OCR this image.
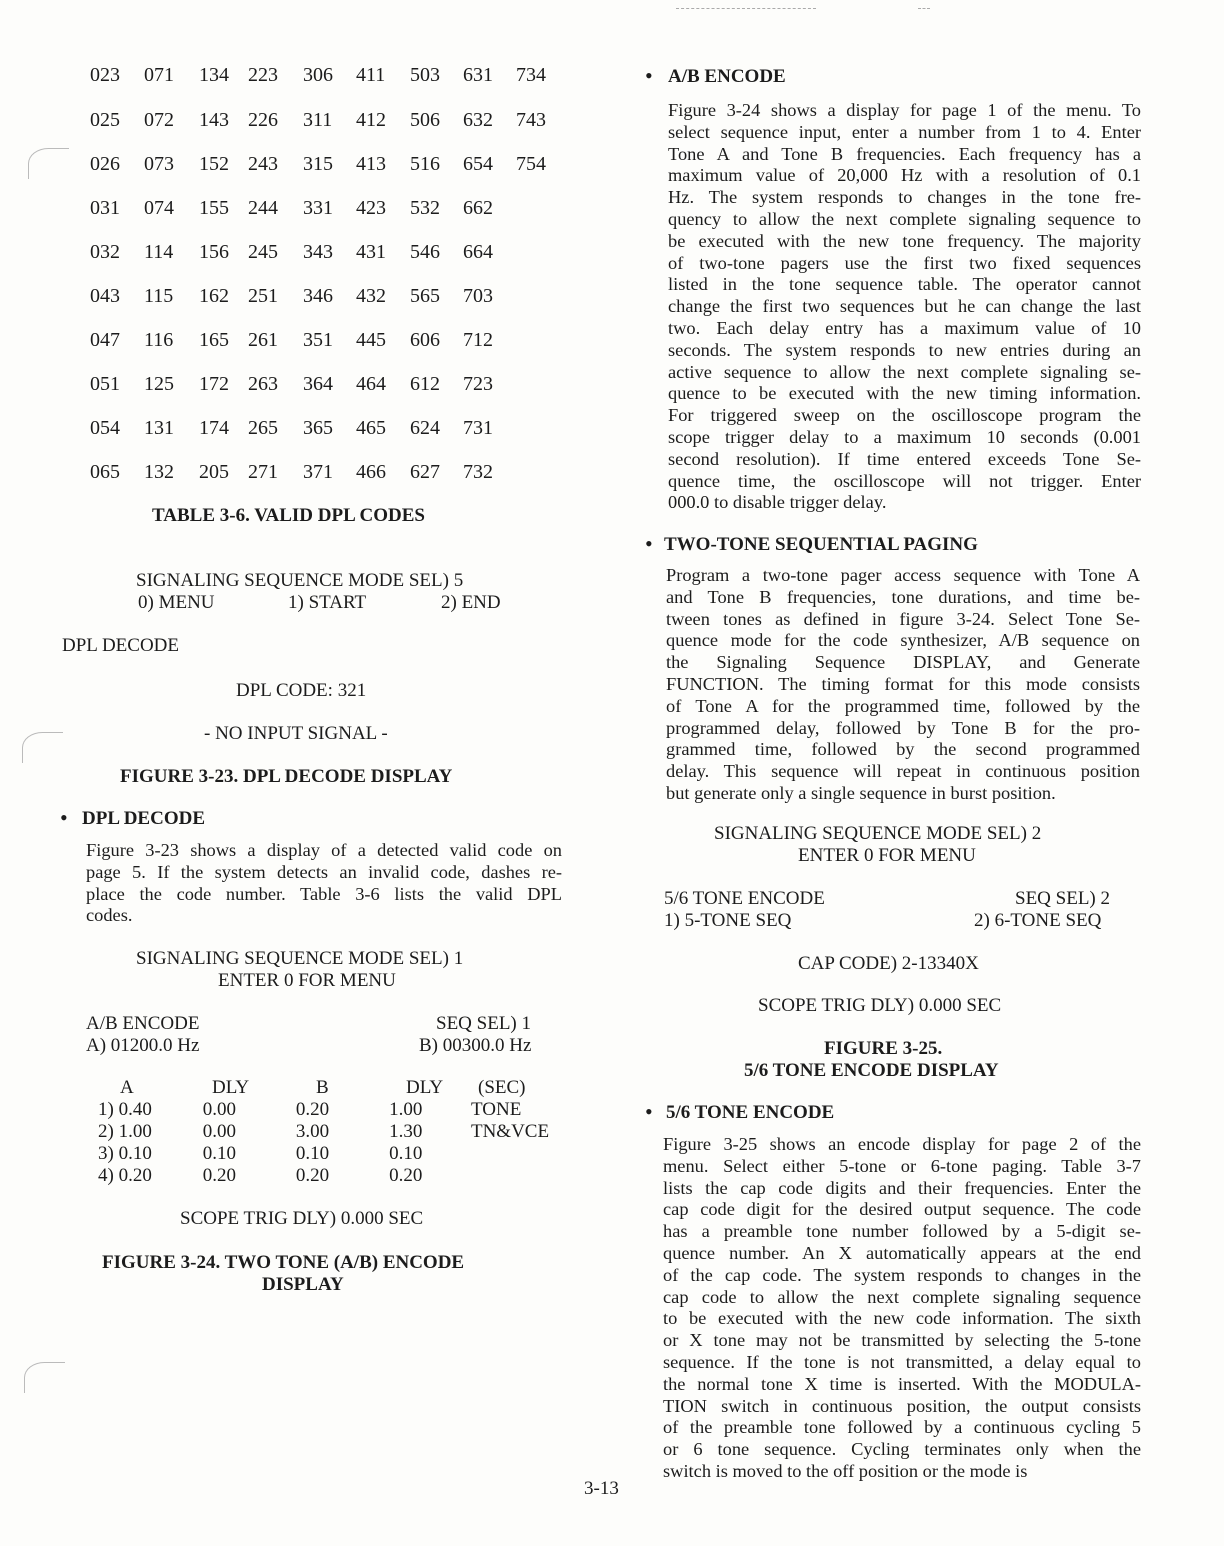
023 071 134 223 306 411 503 631 734
025 072 143 226 311 412 506 632 743
026 073 152 243 315 413 516 654 754
031 074 155 244 331 423 532 662
032 114 156 245 343 431 546 664
043 115 162 251 346 432 565 703
047 116 165 261 351 445 606 712
051 125 172 263 364 464 612 723
054 131 174 265 365 465 624 731
065 132 205 271 371 466 627 732
TABLE 3-6. VALID DPL CODES
SIGNALING SEQUENCE MODE SEL) 5
0) MENU	1) START	2) END
DPL DECODE
DPL CODE: 321
- NO INPUT SIGNAL -
FIGURE 3-23. DPL DECODE DISPLAY
• DPL DECODE
Figure 3-23 shows a display of a detected valid code on
page 5. If the system detects an invalid code, dashes re-
place the code number. Table 3-6 lists the valid DPL
codes.
SIGNALING SEQUENCE MODE SEL) 1
ENTER 0 FOR MENU
A/B ENCODE	SEQ SEL) 1
A) 01200.0 Hz	B) 00300.0 Hz
A	DLY	B	DLY	(SEC)
1) 0.40	0.00	0.20	1.00	TONE
2) 1.00	0.00	3.00	1.30	TN&VCE
3) 0.10	0.10	0.10	0.10
4) 0.20	0.20	0.20	0.20
SCOPE TRIG DLY) 0.000 SEC
FIGURE 3-24. TWO TONE (A/B) ENCODE
DISPLAY
• A/B ENCODE
Figure 3-24 shows a display for page 1 of the menu. To
select sequence input, enter a number from 1 to 4. Enter
Tone A and Tone B frequencies. Each frequency has a
maximum value of 20,000 Hz with a resolution of 0.1
Hz. The system responds to changes in the tone fre-
quency to allow the next complete signaling sequence to
be executed with the new tone frequency. The majority
of two-tone pagers use the first two fixed sequences
listed in the tone sequence table. The operator cannot
change the first two sequences but he can change the last
two. Each delay entry has a maximum value of 10
seconds. The system responds to new entries during an
active sequence to allow the next complete signaling se-
quence to be executed with the new timing information.
For triggered sweep on the oscilloscope program the
scope trigger delay to a maximum 10 seconds (0.001
second resolution). If time entered exceeds Tone Se-
quence time, the oscilloscope will not trigger. Enter
000.0 to disable trigger delay.
• TWO-TONE SEQUENTIAL PAGING
Program a two-tone pager access sequence with Tone A
and Tone B frequencies, tone durations, and time be-
tween tones as defined in figure 3-24. Select Tone Se-
quence mode for the code synthesizer, A/B sequence on
the Signaling Sequence DISPLAY, and Generate
FUNCTION. The timing format for this mode consists
of Tone A for the programmed time, followed by the
programmed delay, followed by Tone B for the pro-
grammed time, followed by the second programmed
delay. This sequence will repeat in continuous position
but generate only a single sequence in burst position.
SIGNALING SEQUENCE MODE SEL) 2
ENTER 0 FOR MENU
5/6 TONE ENCODE	SEQ SEL) 2
1) 5-TONE SEQ	2) 6-TONE SEQ
CAP CODE) 2-13340X
SCOPE TRIG DLY) 0.000 SEC
FIGURE 3-25.
5/6 TONE ENCODE DISPLAY
• 5/6 TONE ENCODE
Figure 3-25 shows an encode display for page 2 of the
menu. Select either 5-tone or 6-tone paging. Table 3-7
lists the cap code digits and their frequencies. Enter the
cap code digit for the desired output sequence. The code
has a preamble tone number followed by a 5-digit se-
quence number. An X automatically appears at the end
of the cap code. The system responds to changes in the
cap code to allow the next complete signaling sequence
to be executed with the new code information. The sixth
or X tone may not be transmitted by selecting the 5-tone
sequence. If the tone is not transmitted, a delay equal to
the normal tone X time is inserted. With the MODULA-
TION switch in continuous position, the output consists
of the preamble tone followed by a continuous cycling 5
or 6 tone sequence. Cycling terminates only when the
switch is moved to the off position or the mode is
3-13
